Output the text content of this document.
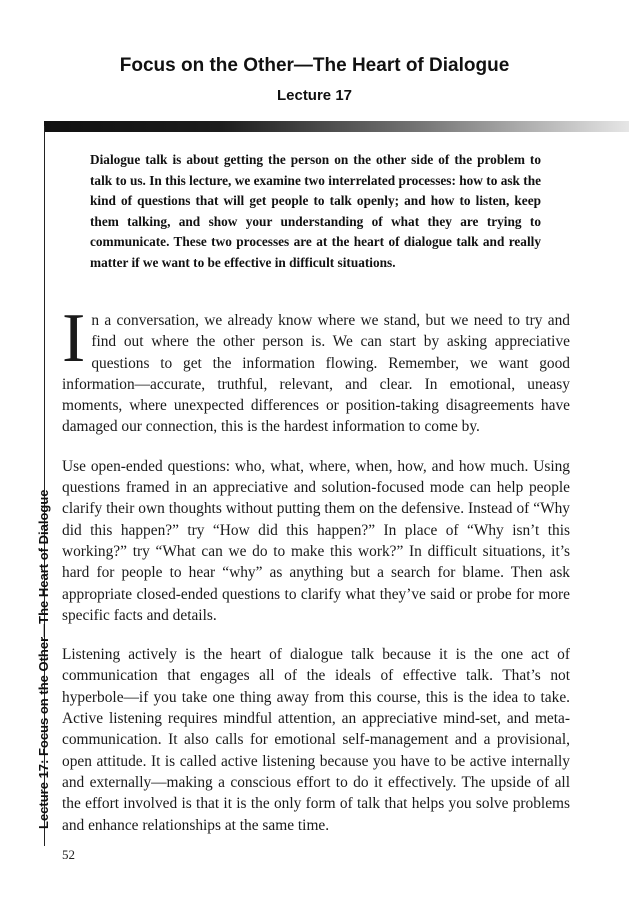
Focus on the Other—The Heart of Dialogue
Lecture 17
Lecture 17: Focus on the Other—The Heart of Dialogue

Dialogue talk is about getting the person on the other side of the problem to talk to us. In this lecture, we examine two interrelated processes: how to ask the kind of questions that will get people to talk openly; and how to listen, keep them talking, and show your understanding of what they are trying to communicate. These two processes are at the heart of dialogue talk and really matter if we want to be effective in difficult situations.

In a conversation, we already know where we stand, but we need to try and find out where the other person is. We can start by asking appreciative questions to get the information flowing. Remember, we want good information—accurate, truthful, relevant, and clear. In emotional, uneasy moments, where unexpected differences or position-taking disagreements have damaged our connection, this is the hardest information to come by.

Use open-ended questions: who, what, where, when, how, and how much. Using questions framed in an appreciative and solution-focused mode can help people clarify their own thoughts without putting them on the defensive. Instead of “Why did this happen?” try “How did this happen?” In place of “Why isn’t this working?” try “What can we do to make this work?” In difficult situations, it’s hard for people to hear “why” as anything but a search for blame. Then ask appropriate closed-ended questions to clarify what they’ve said or probe for more specific facts and details.

Listening actively is the heart of dialogue talk because it is the one act of communication that engages all of the ideals of effective talk. That’s not hyperbole—if you take one thing away from this course, this is the idea to take. Active listening requires mindful attention, an appreciative mind-set, and meta-communication. It also calls for emotional self-management and a provisional, open attitude. It is called active listening because you have to be active internally and externally—making a conscious effort to do it effectively. The upside of all the effort involved is that it is the only form of talk that helps you solve problems and enhance relationships at the same time.

52
